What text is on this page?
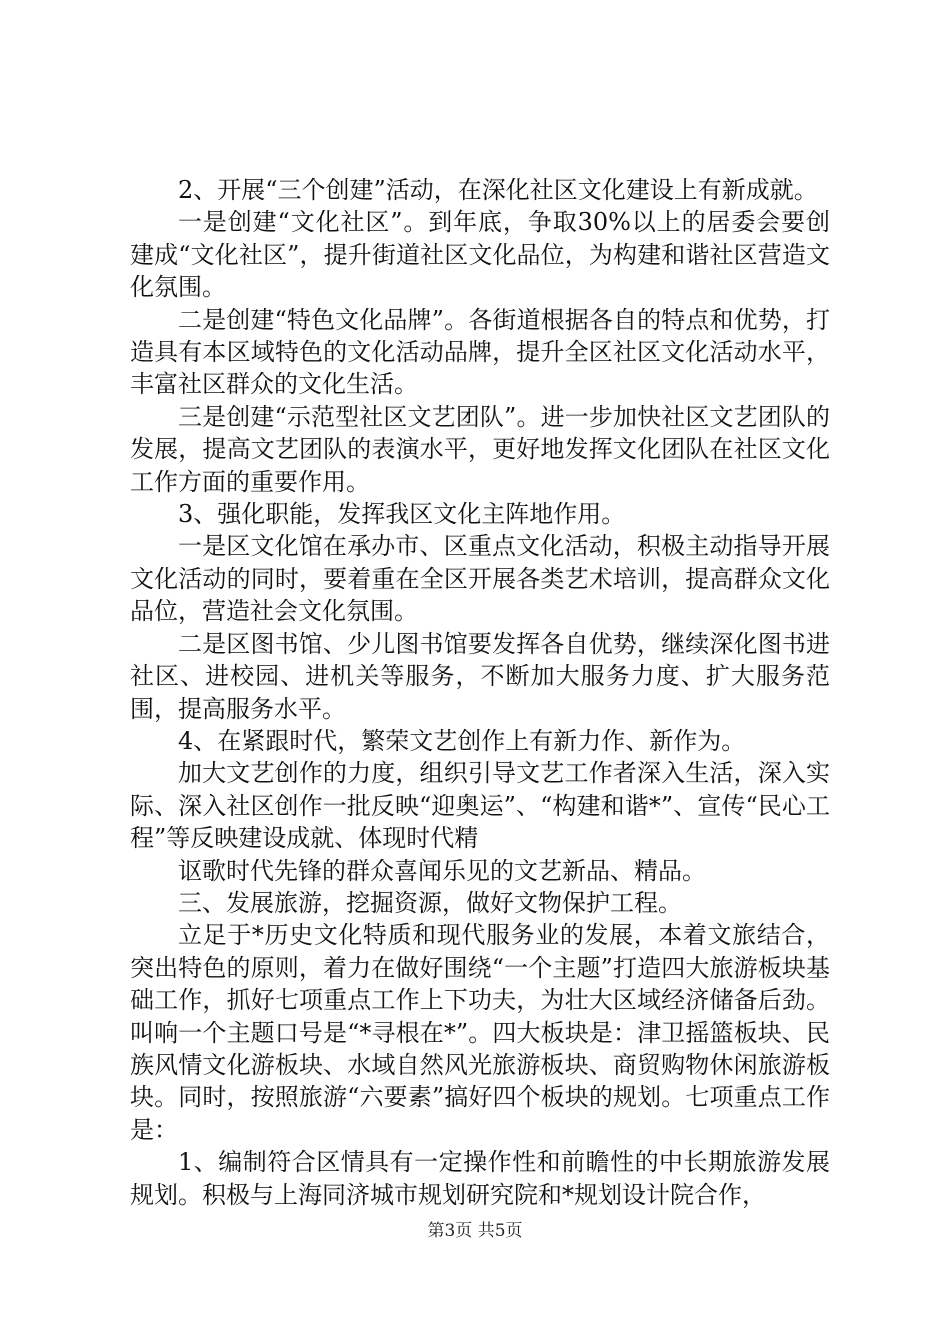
2、开展“三个创建”活动，在深化社区文化建设上有新成就。

一是创建“文化社区”。到年底，争取30%以上的居委会要创建成“文化社区”，提升街道社区文化品位，为构建和谐社区营造文化氛围。

二是创建“特色文化品牌”。各街道根据各自的特点和优势，打造具有本区域特色的文化活动品牌，提升全区社区文化活动水平，丰富社区群众的文化生活。

三是创建“示范型社区文艺团队”。进一步加快社区文艺团队的发展，提高文艺团队的表演水平，更好地发挥文化团队在社区文化工作方面的重要作用。

3、强化职能，发挥我区文化主阵地作用。

一是区文化馆在承办市、区重点文化活动，积极主动指导开展文化活动的同时，要着重在全区开展各类艺术培训，提高群众文化品位，营造社会文化氛围。

二是区图书馆、少儿图书馆要发挥各自优势，继续深化图书进社区、进校园、进机关等服务，不断加大服务力度、扩大服务范围，提高服务水平。

4、在紧跟时代，繁荣文艺创作上有新力作、新作为。

加大文艺创作的力度，组织引导文艺工作者深入生活，深入实际、深入社区创作一批反映“迎奥运”、“构建和谐*”、宣传“民心工程”等反映建设成就、体现时代精

讴歌时代先锋的群众喜闻乐见的文艺新品、精品。

三、发展旅游，挖掘资源，做好文物保护工程。

立足于*历史文化特质和现代服务业的发展，本着文旅结合，突出特色的原则，着力在做好围绕“一个主题”打造四大旅游板块基础工作，抓好七项重点工作上下功夫，为壮大区域经济储备后劲。叫响一个主题口号是“*寻根在*”。四大板块是：津卫摇篮板块、民族风情文化游板块、水域自然风光旅游板块、商贸购物休闲旅游板块。同时，按照旅游“六要素”搞好四个板块的规划。七项重点工作是：

1、编制符合区情具有一定操作性和前瞻性的中长期旅游发展规划。积极与上海同济城市规划研究院和*规划设计院合作，

第3页 共5页
